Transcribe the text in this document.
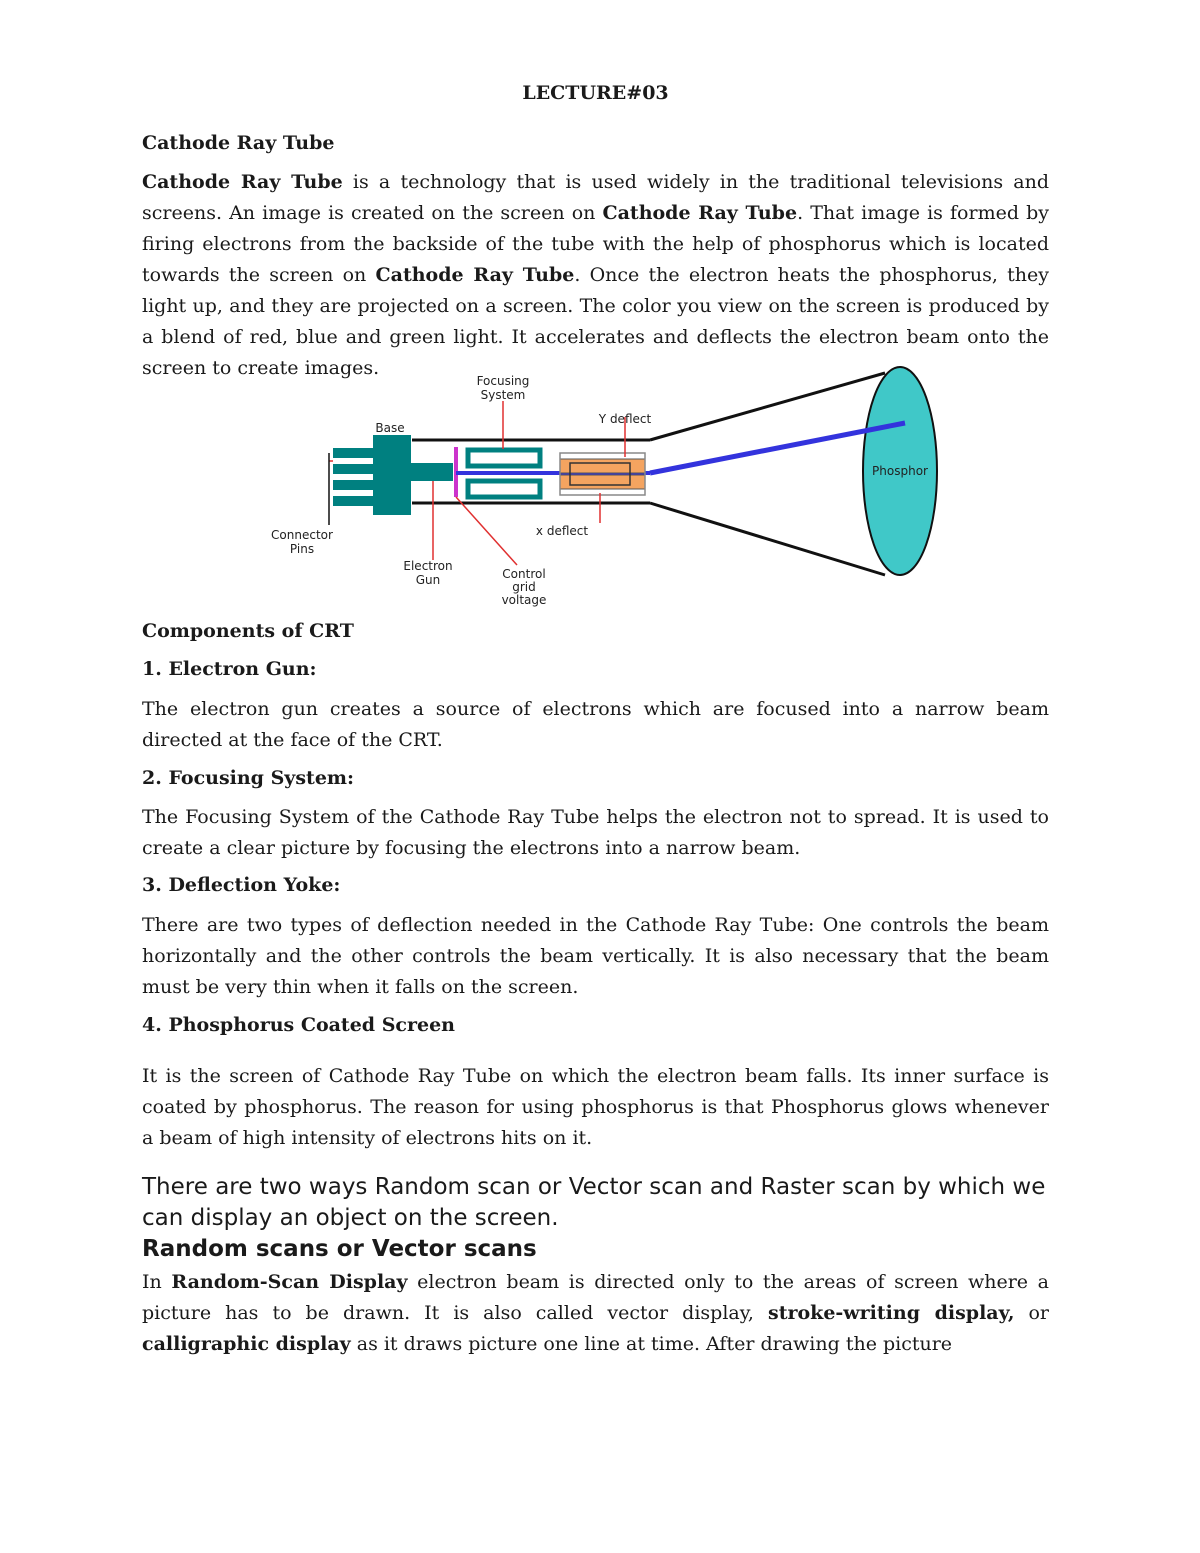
LECTURE#03
Cathode Ray Tube
Cathode Ray Tube is a technology that is used widely in the traditional televisions and screens. An image is created on the screen on Cathode Ray Tube. That image is formed by firing electrons from the backside of the tube with the help of phosphorus which is located towards the screen on Cathode Ray Tube. Once the electron heats the phosphorus, they light up, and they are projected on a screen. The color you view on the screen is produced by a blend of red, blue and green light. It accelerates and deflects the electron beam onto the screen to create images.
Components of CRT
1. Electron Gun:
The electron gun creates a source of electrons which are focused into a narrow beam directed at the face of the CRT.
2. Focusing System:
The Focusing System of the Cathode Ray Tube helps the electron not to spread. It is used to create a clear picture by focusing the electrons into a narrow beam.
3. Deflection Yoke:
There are two types of deflection needed in the Cathode Ray Tube: One controls the beam horizontally and the other controls the beam vertically. It is also necessary that the beam must be very thin when it falls on the screen.
4. Phosphorus Coated Screen
It is the screen of Cathode Ray Tube on which the electron beam falls. Its inner surface is coated by phosphorus. The reason for using phosphorus is that Phosphorus glows whenever a beam of high intensity of electrons hits on it.
There are two ways Random scan or Vector scan and Raster scan by which we can display an object on the screen.
Random scans or Vector scans
In Random-Scan Display electron beam is directed only to the areas of screen where a picture has to be drawn. It is also called vector display, stroke-writing display, or calligraphic display as it draws picture one line at time. After drawing the picture
Focusing
System
Base
Y deflect
Phosphor
Connector
Pins
x deflect
Electron
Gun	Control
grid
voltage
